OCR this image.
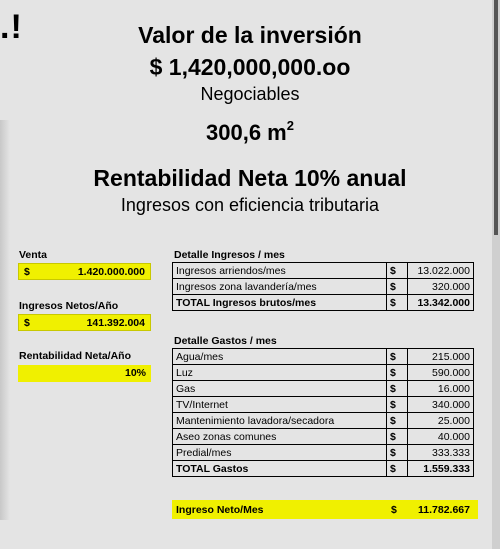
.!	Valor de la inversión
$ 1,420,000,000.oo
Negociables
300,6 $m^2$
Rentabilidad Neta 10% anual
Ingresos con eficiencia tributaria
Venta
$	1.420.000.000
Ingresos Netos/Año
$	141.392.004
Rentabilidad Neta/Año
10%
Detalle Ingresos / mes
Ingresos arriendos/mes	$	13.022.000
Ingresos zona lavandería/mes	$	320.000
TOTAL Ingresos brutos/mes	$	13.342.000
Detalle Gastos / mes
Agua/mes	$	215.000
Luz	$	590.000
Gas	$	16.000
TV/Internet	$	340.000
Mantenimiento lavadora/secadora	$	25.000
Aseo zonas comunes	$	40.000
Predial/mes	$	333.333
TOTAL Gastos	$	1.559.333
Ingreso Neto/Mes	$ 11.782.667
